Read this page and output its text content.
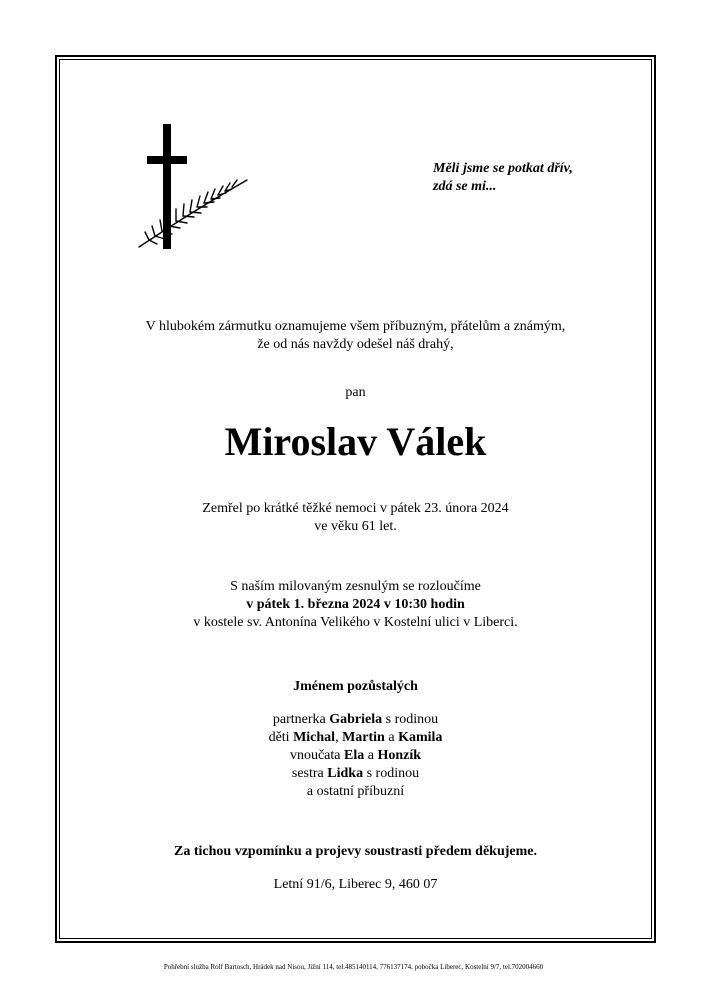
Měli jsme se potkat dřív,
zdá se mi...
V hlubokém zármutku oznamujeme všem příbuzným, přátelům a známým,
že od nás navždy odešel náš drahý,
pan
Miroslav Válek
Zemřel po krátké těžké nemoci v pátek 23. února 2024
ve věku 61 let.
S naším milovaným zesnulým se rozloučíme
v pátek 1. března 2024 v 10:30 hodin
v kostele sv. Antonína Velikého v Kostelní ulici v Liberci.
Jménem pozůstalých
partnerka Gabriela s rodinou
děti Michal, Martin a Kamila
vnoučata Ela a Honzík
sestra Lidka s rodinou
a ostatní příbuzní
Za tichou vzpomínku a projevy soustrasti předem děkujeme.
Letní 91/6, Liberec 9, 460 07
Pohřební služba Rolf Bartosch, Hrádek nad Nisou, Jižní 114, tel.485140114, 776137174, pobočka Liberec, Kostelní 9/7, tel.702004660
